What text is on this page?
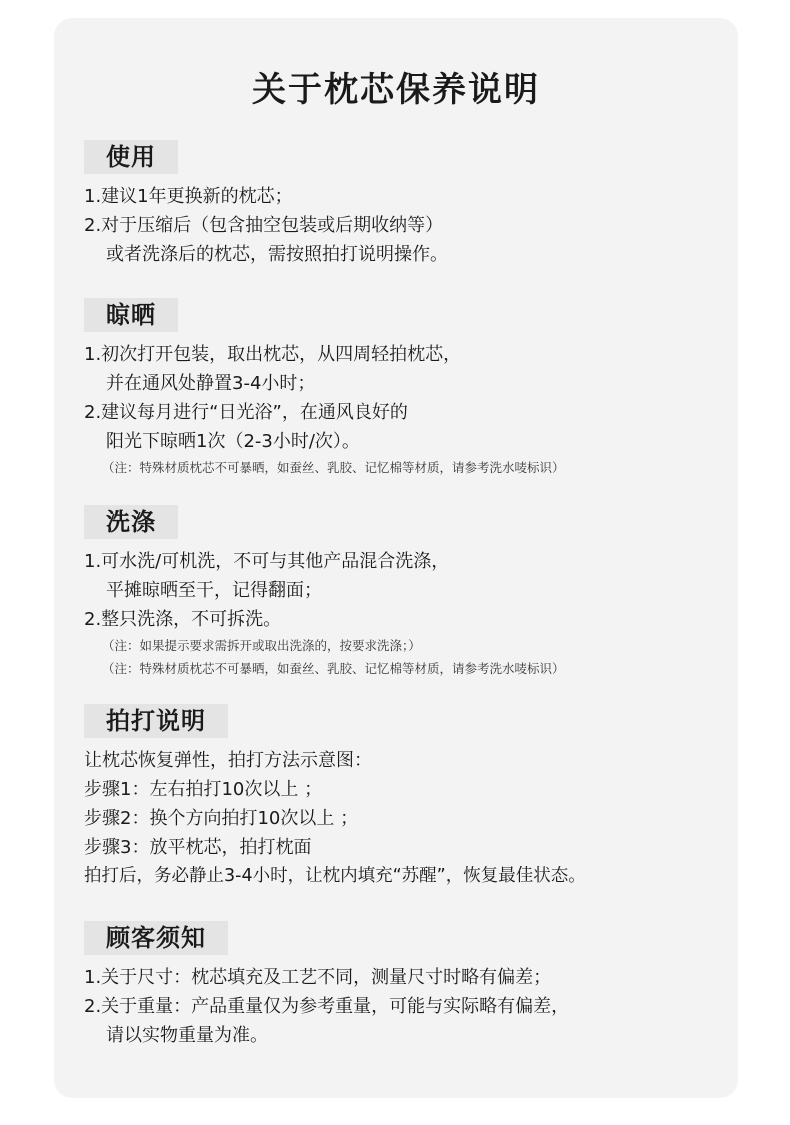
关于枕芯保养说明
使用
1.建议1年更换新的枕芯；
2.对于压缩后（包含抽空包装或后期收纳等）
或者洗涤后的枕芯，需按照拍打说明操作。
晾晒
1.初次打开包装，取出枕芯，从四周轻拍枕芯，
并在通风处静置3-4小时；
2.建议每月进行“日光浴”，在通风良好的
阳光下晾晒1次（2-3小时/次）。
（注：特殊材质枕芯不可暴晒，如蚕丝、乳胶、记忆棉等材质，请参考洗水唛标识）
洗涤
1.可水洗/可机洗，不可与其他产品混合洗涤，
平摊晾晒至干，记得翻面；
2.整只洗涤，不可拆洗。
（注：如果提示要求需拆开或取出洗涤的，按要求洗涤；）
（注：特殊材质枕芯不可暴晒，如蚕丝、乳胶、记忆棉等材质，请参考洗水唛标识）
拍打说明
让枕芯恢复弹性，拍打方法示意图：
步骤1：左右拍打10次以上 ；
步骤2：换个方向拍打10次以上 ；
步骤3：放平枕芯，拍打枕面
拍打后，务必静止3-4小时，让枕内填充“苏醒”，恢复最佳状态。
顾客须知
1.关于尺寸：枕芯填充及工艺不同，测量尺寸时略有偏差；
2.关于重量：产品重量仅为参考重量，可能与实际略有偏差，
请以实物重量为准。
